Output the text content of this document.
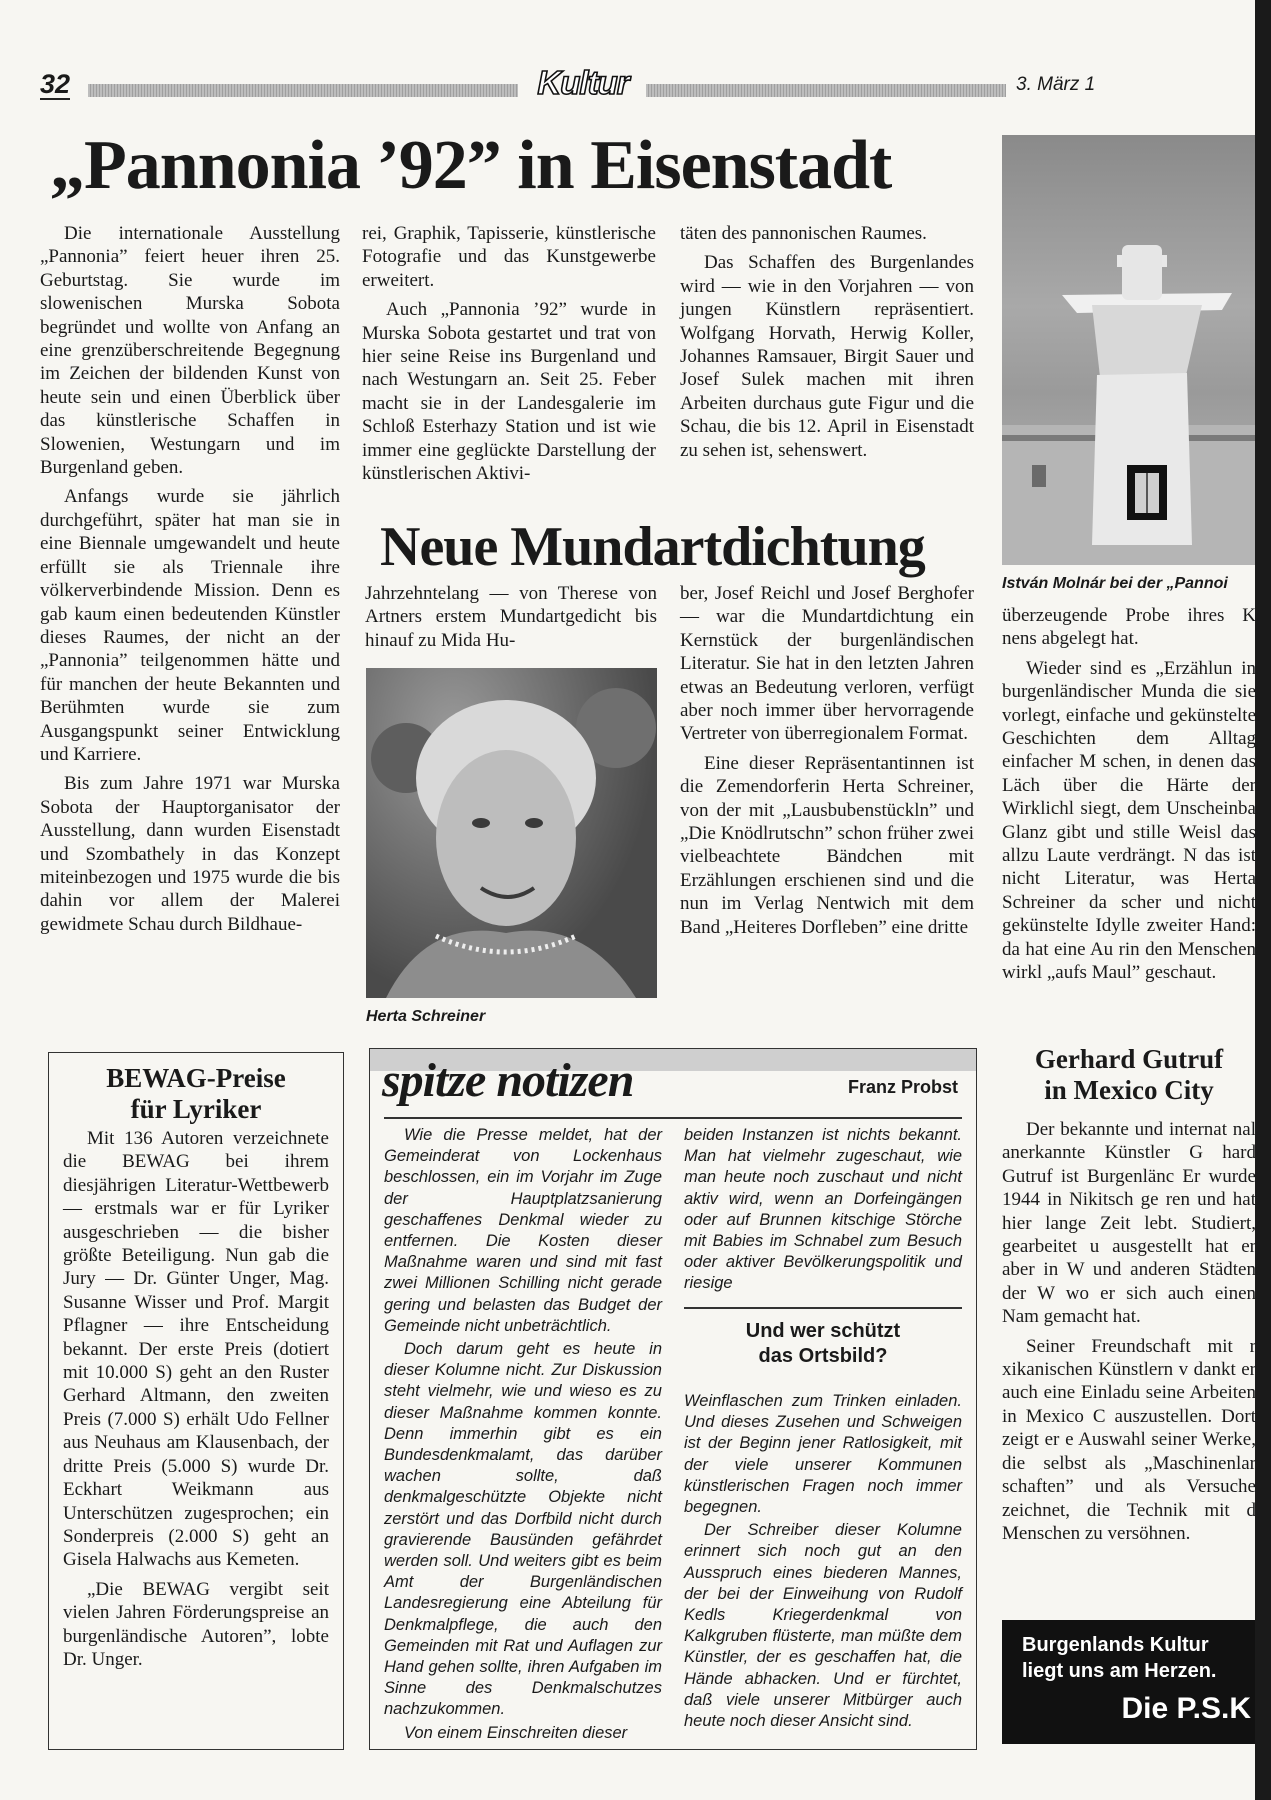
32	Kultur	3. März 1
„Pannonia ’92” in Eisenstadt

Die internationale Ausstellung „Pannonia” feiert heuer ihren 25. Geburtstag. Sie wurde im slowenischen Murska Sobota begründet und wollte von Anfang an eine grenzüberschreitende Begegnung im Zeichen der bildenden Kunst von heute sein und einen Überblick über das künstlerische Schaffen in Slowenien, Westungarn und im Burgenland geben.

Anfangs wurde sie jährlich durchgeführt, später hat man sie in eine Biennale umgewandelt und heute erfüllt sie als Triennale ihre völkerverbindende Mission. Denn es gab kaum einen bedeutenden Künstler dieses Raumes, der nicht an der „Pannonia” teilgenommen hätte und für manchen der heute Bekannten und Berühmten wurde sie zum Ausgangspunkt seiner Entwicklung und Karriere.

Bis zum Jahre 1971 war Murska Sobota der Hauptorganisator der Ausstellung, dann wurden Eisenstadt und Szombathely in das Konzept miteinbezogen und 1975 wurde die bis dahin vor allem der Malerei gewidmete Schau durch Bildhaue-

rei, Graphik, Tapisserie, künstlerische Fotografie und das Kunstgewerbe erweitert.

Auch „Pannonia ’92” wurde in Murska Sobota gestartet und trat von hier seine Reise ins Burgenland und nach Westungarn an. Seit 25. Feber macht sie in der Landesgalerie im Schloß Esterhazy Station und ist wie immer eine geglückte Darstellung der künstlerischen Aktivi-

täten des pannonischen Raumes.

Das Schaffen des Burgenlandes wird — wie in den Vorjahren — von jungen Künstlern repräsentiert. Wolfgang Horvath, Herwig Koller, Johannes Ramsauer, Birgit Sauer und Josef Sulek machen mit ihren Arbeiten durchaus gute Figur und die Schau, die bis 12. April in Eisenstadt zu sehen ist, sehenswert.

István Molnár bei der „Pannoi

überzeugende Probe ihres K nens abgelegt hat.

Wieder sind es „Erzählun in burgenländischer Munda die sie vorlegt, einfache und gekünstelte Geschichten dem Alltag einfacher M schen, in denen das Läch über die Härte der Wirklichl siegt, dem Unscheinba Glanz gibt und stille Weisl das allzu Laute verdrängt. N das ist nicht Literatur, was Herta Schreiner da scher und nicht gekünstelte Idylle zweiter Hand: da hat eine Au rin den Menschen wirkl „aufs Maul” geschaut.

Neue Mundartdichtung

Jahrzehntelang — von Therese von Artners erstem Mundartgedicht bis hinauf zu Mida Hu-

Herta Schreiner

ber, Josef Reichl und Josef Berghofer — war die Mundartdichtung ein Kernstück der burgenländischen Literatur. Sie hat in den letzten Jahren etwas an Bedeutung verloren, verfügt aber noch immer über hervorragende Vertreter von überregionalem Format.

Eine dieser Repräsentantinnen ist die Zemendorferin Herta Schreiner, von der mit „Lausbubenstückln” und „Die Knödlrutschn” schon früher zwei vielbeachtete Bändchen mit Erzählungen erschienen sind und die nun im Verlag Nentwich mit dem Band „Heiteres Dorfleben” eine dritte

BEWAG-Preise
für Lyriker

Mit 136 Autoren verzeichnete die BEWAG bei ihrem diesjährigen Literatur-Wettbewerb — erstmals war er für Lyriker ausgeschrieben — die bisher größte Beteiligung. Nun gab die Jury — Dr. Günter Unger, Mag. Susanne Wisser und Prof. Margit Pflagner — ihre Entscheidung bekannt. Der erste Preis (dotiert mit 10.000 S) geht an den Ruster Gerhard Altmann, den zweiten Preis (7.000 S) erhält Udo Fellner aus Neuhaus am Klausenbach, der dritte Preis (5.000 S) wurde Dr. Eckhart Weikmann aus Unterschützen zugesprochen; ein Sonderpreis (2.000 S) geht an Gisela Halwachs aus Kemeten.

„Die BEWAG vergibt seit vielen Jahren Förderungspreise an burgenländische Autoren”, lobte Dr. Unger.

spitze notizen	Franz Probst

Wie die Presse meldet, hat der Gemeinderat von Lockenhaus beschlossen, ein im Vorjahr im Zuge der Hauptplatzsanierung geschaffenes Denkmal wieder zu entfernen. Die Kosten dieser Maßnahme waren und sind mit fast zwei Millionen Schilling nicht gerade gering und belasten das Budget der Gemeinde nicht unbeträchtlich.

Doch darum geht es heute in dieser Kolumne nicht. Zur Diskussion steht vielmehr, wie und wieso es zu dieser Maßnahme kommen konnte. Denn immerhin gibt es ein Bundesdenkmalamt, das darüber wachen sollte, daß denkmalgeschützte Objekte nicht zerstört und das Dorfbild nicht durch gravierende Bausünden gefährdet werden soll. Und weiters gibt es beim Amt der Burgenländischen Landesregierung eine Abteilung für Denkmalpflege, die auch den Gemeinden mit Rat und Auflagen zur Hand gehen sollte, ihren Aufgaben im Sinne des Denkmalschutzes nachzukommen.

Von einem Einschreiten dieser

beiden Instanzen ist nichts bekannt. Man hat vielmehr zugeschaut, wie man heute noch zuschaut und nicht aktiv wird, wenn an Dorfeingängen oder auf Brunnen kitschige Störche mit Babies im Schnabel zum Besuch oder aktiver Bevölkerungspolitik und riesige

Und wer schützt
das Ortsbild?

Weinflaschen zum Trinken einladen. Und dieses Zusehen und Schweigen ist der Beginn jener Ratlosigkeit, mit der viele unserer Kommunen künstlerischen Fragen noch immer begegnen.

Der Schreiber dieser Kolumne erinnert sich noch gut an den Ausspruch eines biederen Mannes, der bei der Einweihung von Rudolf Kedls Kriegerdenkmal von Kalkgruben flüsterte, man müßte dem Künstler, der es geschaffen hat, die Hände abhacken. Und er fürchtet, daß viele unserer Mitbürger auch heute noch dieser Ansicht sind.

Gerhard Gutruf
in Mexico City

Der bekannte und internat nal anerkannte Künstler G hard Gutruf ist Burgenlänc Er wurde 1944 in Nikitsch ge ren und hat hier lange Zeit lebt. Studiert, gearbeitet u ausgestellt hat er aber in W und anderen Städten der W wo er sich auch einen Nam gemacht hat.

Seiner Freundschaft mit r xikanischen Künstlern v dankt er auch eine Einladu seine Arbeiten in Mexico C auszustellen. Dort zeigt er e Auswahl seiner Werke, die selbst als „Maschinenlar schaften” und als Versuche zeichnet, die Technik mit d Menschen zu versöhnen.

Burgenlands Kultur
liegt uns am Herzen.
Die P.S.K
